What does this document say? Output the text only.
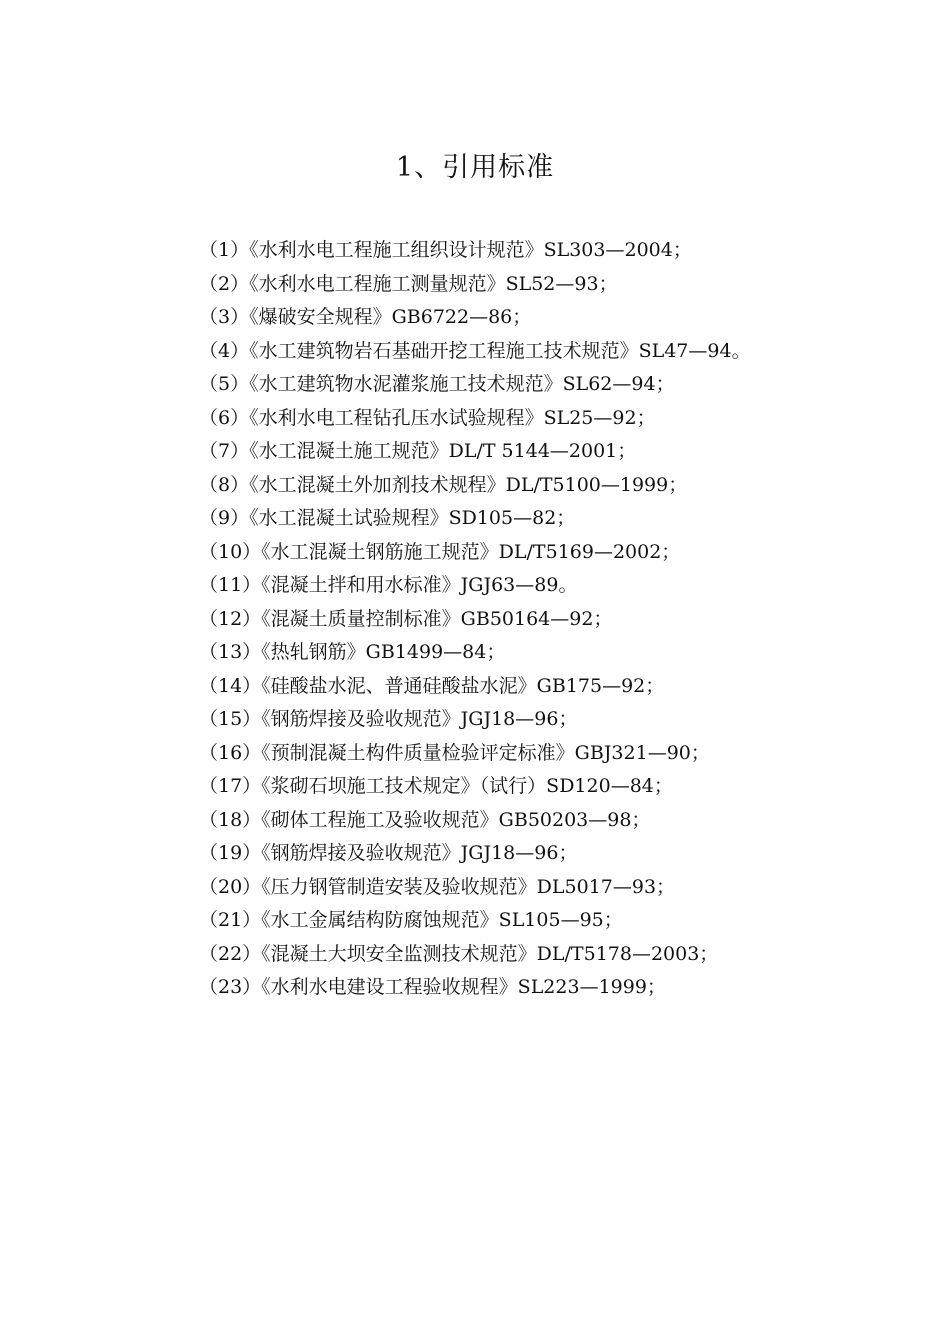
1、引用标准
（1）《水利水电工程施工组织设计规范》SL303—2004；
（2）《水利水电工程施工测量规范》SL52—93；
（3）《爆破安全规程》GB6722—86；
（4）《水工建筑物岩石基础开挖工程施工技术规范》SL47—94。
（5）《水工建筑物水泥灌浆施工技术规范》SL62—94；
（6）《水利水电工程钻孔压水试验规程》SL25—92；
（7）《水工混凝土施工规范》DL/T 5144—2001；
（8）《水工混凝土外加剂技术规程》DL/T5100—1999；
（9）《水工混凝土试验规程》SD105—82；
（10）《水工混凝土钢筋施工规范》DL/T5169—2002；
（11）《混凝土拌和用水标准》JGJ63—89。
（12）《混凝土质量控制标准》GB50164—92；
（13）《热轧钢筋》GB1499—84；
（14）《硅酸盐水泥、普通硅酸盐水泥》GB175—92；
（15）《钢筋焊接及验收规范》JGJ18—96；
（16）《预制混凝土构件质量检验评定标准》GBJ321—90；
（17）《浆砌石坝施工技术规定》（试行）SD120—84；
（18）《砌体工程施工及验收规范》GB50203—98；
（19）《钢筋焊接及验收规范》JGJ18—96；
（20）《压力钢管制造安装及验收规范》DL5017—93；
（21）《水工金属结构防腐蚀规范》SL105—95；
（22）《混凝土大坝安全监测技术规范》DL/T5178—2003；
（23）《水利水电建设工程验收规程》SL223—1999；
